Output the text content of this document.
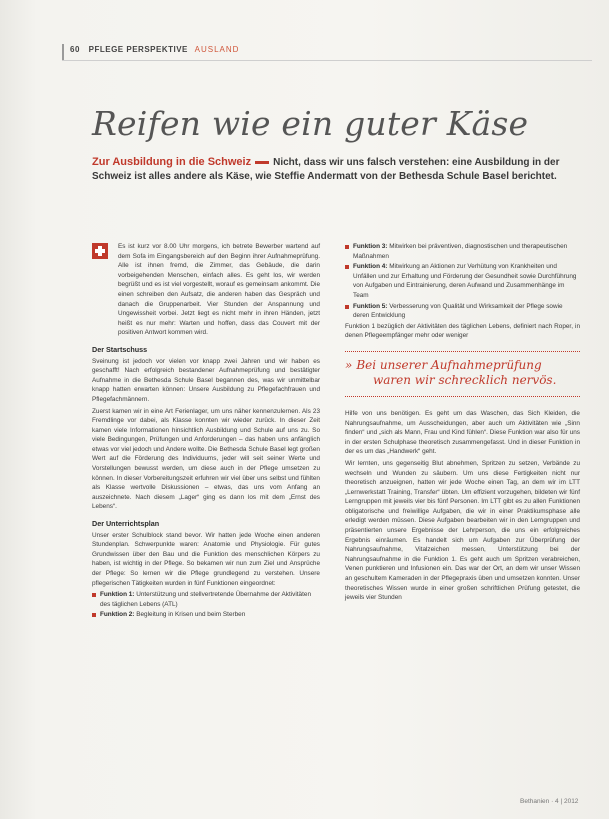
60 PFLEGE PERSPEKTIVE AUSLAND
Reifen wie ein guter Käse
Zur Ausbildung in die Schweiz Nicht, dass wir uns falsch verstehen: eine Ausbildung in der Schweiz ist alles andere als Käse, wie Steffie Andermatt von der Bethesda Schule Basel berichtet.

Es ist kurz vor 8.00 Uhr morgens, ich betrete Bewerber wartend auf dem Sofa im Eingangsbereich auf den Beginn ihrer Aufnahmeprüfung. Alle ist ihnen fremd, die Zimmer, das Gebäude, die darin vorbeigehenden Menschen, einfach alles. Es geht los, wir werden begrüßt und es ist viel vorgestellt, worauf es gemeinsam ankommt. Die einen schreiben den Aufsatz, die anderen haben das Gespräch und danach die Gruppenarbeit. Vier Stunden der Anspannung und Ungewissheit vorbei. Jetzt liegt es nicht mehr in ihren Händen, jetzt heißt es nur mehr: Warten und hoffen, dass das Couvert mit der positiven Antwort kommen wird.

Der Startschuss

Sveinung ist jedoch vor vielen vor knapp zwei Jahren und wir haben es geschafft! Nach erfolgreich bestandener Aufnahmeprüfung und bestätigter Aufnahme in die Bethesda Schule Basel begannen des, was wir unmittelbar knapp hatten erwarten können: Unsere Ausbildung zu Pflegefachfrauen und Pflegefachmännern.

Zuerst kamen wir in eine Art Ferienlager, um uns näher kennenzulernen. Als 23 Fremdlinge vor dabei, als Klasse konnten wir wieder zurück. In dieser Zeit kamen viele Informationen hinsichtlich Ausbildung und Schule auf uns zu. So viele Bedingungen, Prüfungen und Anforderungen – das haben uns anfänglich etwas vor viel jedoch und Andere wollte. Die Bethesda Schule Basel legt großen Wert auf die Förderung des Individuums, jeder will seit seiner Werte und Vorstellungen bewusst werden, um diese auch in der Pflege umsetzen zu können. In dieser Vorbereitungszeit erfuhren wir viel über uns selbst und fühlten als Klasse wertvolle Diskussionen – etwas, das uns vom Anfang an auszeichnete. Nach diesem „Lager“ ging es dann los mit dem „Ernst des Lebens“.

Der Unterrichtsplan

Unser erster Schulblock stand bevor. Wir hatten jede Woche einen anderen Stundenplan. Schwerpunkte waren: Anatomie und Physiologie. Für gutes Grundwissen über den Bau und die Funktion des menschlichen Körpers zu haben, ist wichtig in der Pflege. So bekamen wir nun zum Ziel und Ansprüche der Pflege: So lernen wir die Pflege grundlegend zu verstehen. Unsere pflegerischen Tätigkeiten wurden in fünf Funktionen eingeordnet:

Funktion 1: Unterstützung und stellvertretende Übernahme der Aktivitäten des täglichen Lebens (ATL)
Funktion 2: Begleitung in Krisen und beim Sterben
Funktion 3: Mitwirken bei präventiven, diagnostischen und therapeutischen Maßnahmen
Funktion 4: Mitwirkung an Aktionen zur Verhütung von Krankheiten und Unfällen und zur Erhaltung und Förderung der Gesundheit sowie Durchführung von Aufgaben und Eintrainierung, deren Aufwand und Zusammenhänge im Team
Funktion 5: Verbesserung von Qualität und Wirksamkeit der Pflege sowie deren Entwicklung

Funktion 1 bezüglich der Aktivitäten des täglichen Lebens, definiert nach Roper, in denen Pflegeempfänger mehr oder weniger

» Bei unserer Aufnahmeprüfung
waren wir schrecklich nervös.

Hilfe von uns benötigen. Es geht um das Waschen, das Sich Kleiden, die Nahrungsaufnahme, um Ausscheidungen, aber auch um Aktivitäten wie „Sinn finden“ und „sich als Mann, Frau und Kind fühlen“. Diese Funktion war also für uns in der ersten Schulphase theoretisch zusammengefasst. Und in dieser Funktion in der es um das „Handwerk“ geht.

Wir lernten, uns gegenseitig Blut abnehmen, Spritzen zu setzen, Verbände zu wechseln und Wunden zu säubern. Um uns diese Fertigkeiten nicht nur theoretisch anzueignen, hatten wir jede Woche einen Tag, an dem wir im LTT „Lernwerkstatt Training, Transfer“ übten. Um effizient vorzugehen, bildeten wir fünf Lerngruppen mit jeweils vier bis fünf Personen. Im LTT gibt es zu allen Funktionen obligatorische und freiwillige Aufgaben, die wir in einer Praktikumsphase alle erledigt werden müssen. Diese Aufgaben bearbeiten wir in den Lerngruppen und präsentierten unsere Ergebnisse der Lehrperson, die uns ein erfolgreiches Ergebnis einräumen. Es handelt sich um Aufgaben zur Überprüfung der Nahrungsaufnahme, Vitalzeichen messen, Unterstützung bei der Nahrungsaufnahme in die Funktion 1. Es geht auch um Spritzen verabreichen, Venen punktieren und Infusionen ein. Das war der Ort, an dem wir unser Wissen an geschultem Kameraden in der Pflegepraxis üben und umsetzen konnten. Unser theoretisches Wissen wurde in einer großen schriftlichen Prüfung getestet, die jeweils vier Stunden

Bethanien · 4 | 2012
